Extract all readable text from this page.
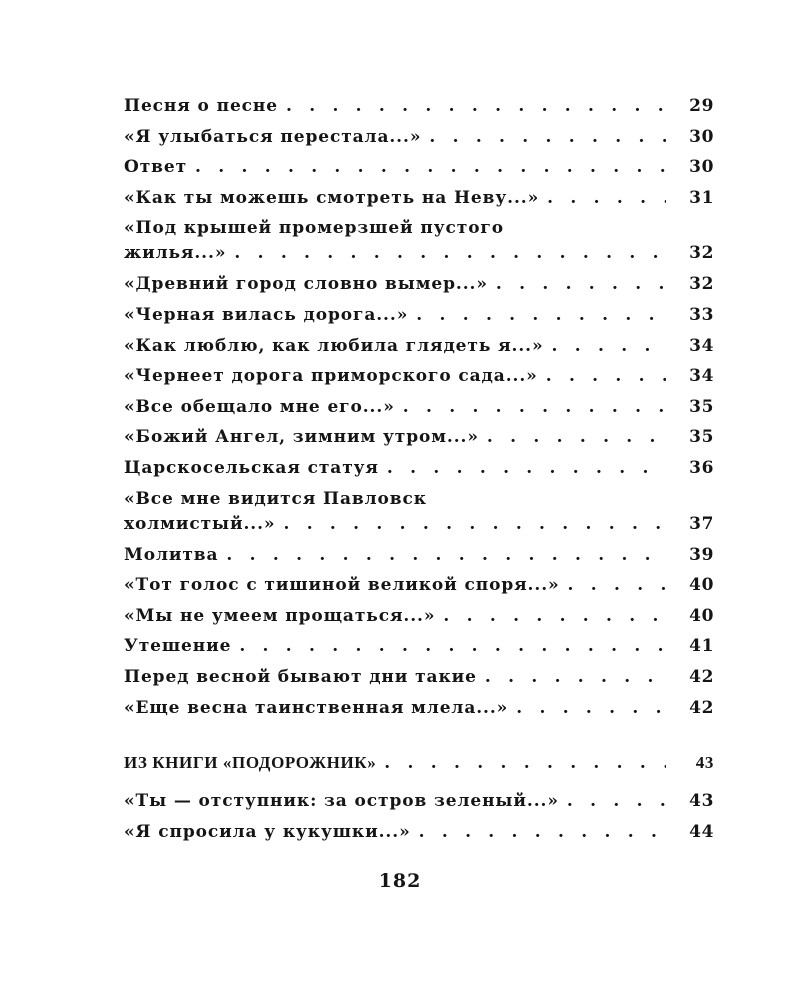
Песня о песне . . .	29
«Я улыбаться перестала...» . . .	30
Ответ . . .	30
«Как ты можешь смотреть на Неву...» . . .	31
«Под крышей промерзшей пустого
жилья...» . . .	32
«Древний город словно вымер...» . . .	32
«Черная вилась дорога...» . . .	33
«Как люблю, как любила глядеть я...» . . .	34
«Чернеет дорога приморского сада...» . . .	34
«Все обещало мне его...» . . .	35
«Божий Ангел, зимним утром...» . . .	35
Царскосельская статуя . . .	36
«Все мне видится Павловск
холмистый...» . . .	37
Молитва . . .	39
«Тот голос с тишиной великой споря...» . . .	40
«Мы не умеем прощаться...» . . .	40
Утешение . . .	41
Перед весной бывают дни такие . . .	42
«Еще весна таинственная млела...» . . .	42
ИЗ КНИГИ «ПОДОРОЖНИК» . . .	43
«Ты — отступник: за остров зеленый...» . . .	43
«Я спросила у кукушки...» . . .	44
182
